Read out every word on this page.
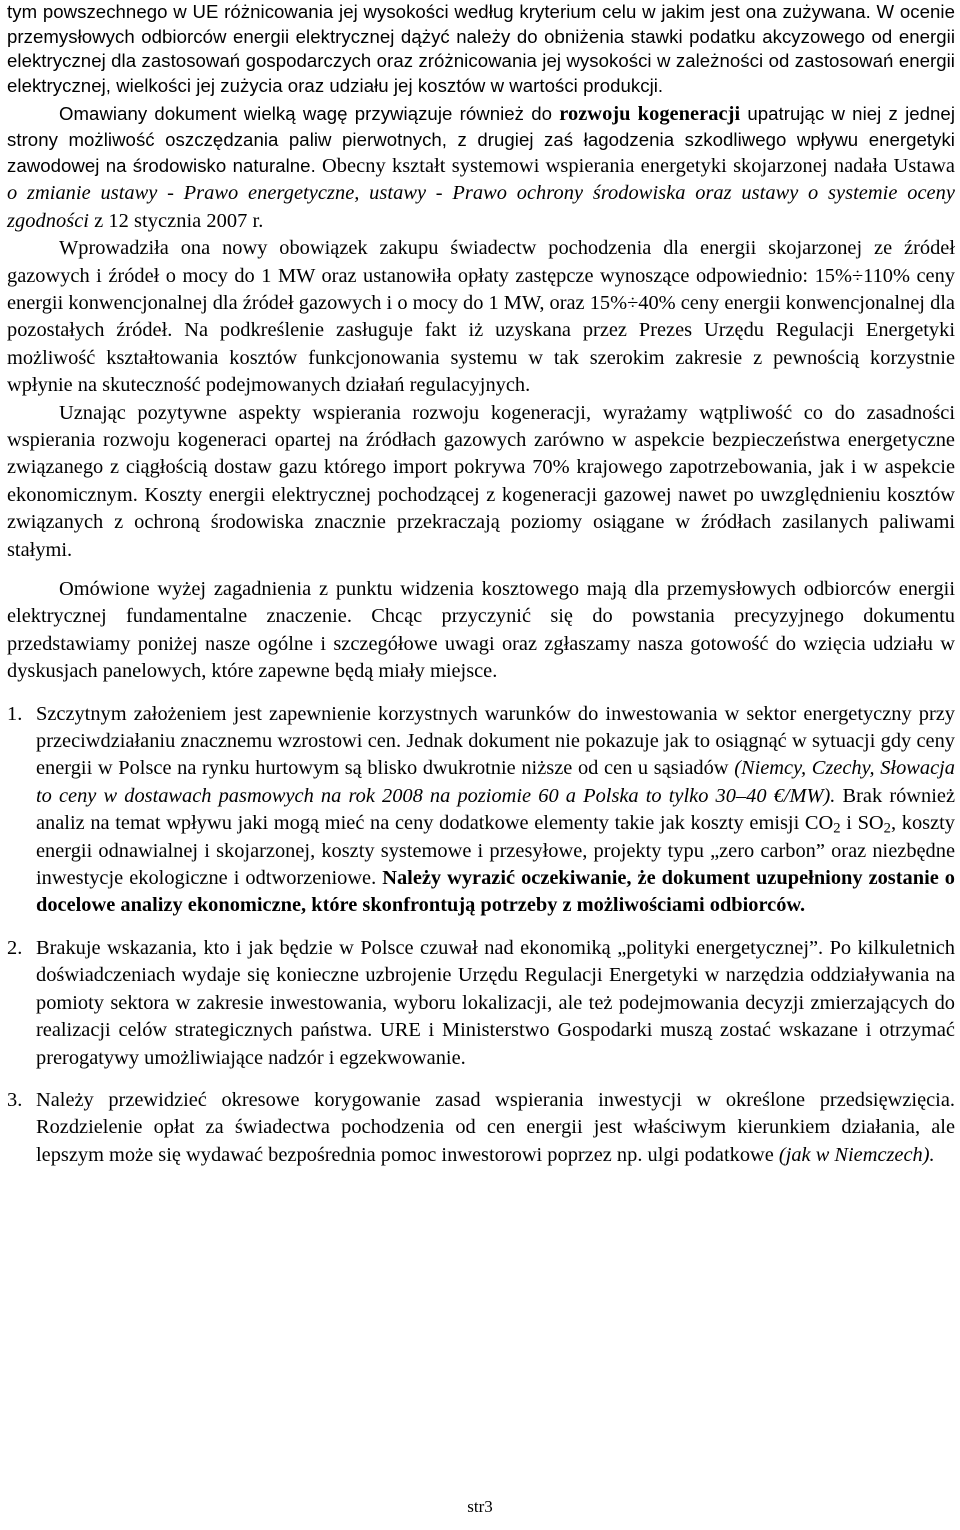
tym powszechnego w UE różnicowania jej wysokości według kryterium celu w jakim jest ona zużywana. W ocenie przemysłowych odbiorców energii elektrycznej dążyć należy do obniżenia stawki podatku akcyzowego od energii elektrycznej dla zastosowań gospodarczych oraz zróżnicowania jej wysokości w zależności od zastosowań energii elektrycznej, wielkości jej zużycia oraz udziału jej kosztów w wartości produkcji.

Omawiany dokument wielką wagę przywiązuje również do rozwoju kogeneracji upatrując w niej z jednej strony możliwość oszczędzania paliw pierwotnych, z drugiej zaś łagodzenia szkodliwego wpływu energetyki zawodowej na środowisko naturalne. Obecny kształt systemowi wspierania energetyki skojarzonej nadała Ustawa o zmianie ustawy - Prawo energetyczne, ustawy - Prawo ochrony środowiska oraz ustawy o systemie oceny zgodności z 12 stycznia 2007 r.

Wprowadziła ona nowy obowiązek zakupu świadectw pochodzenia dla energii skojarzonej ze źródeł gazowych i źródeł o mocy do 1 MW oraz ustanowiła opłaty zastępcze wynoszące odpowiednio: 15%÷110% ceny energii konwencjonalnej dla źródeł gazowych i o mocy do 1 MW, oraz 15%÷40% ceny energii konwencjonalnej dla pozostałych źródeł. Na podkreślenie zasługuje fakt iż uzyskana przez Prezes Urzędu Regulacji Energetyki możliwość kształtowania kosztów funkcjonowania systemu w tak szerokim zakresie z pewnością korzystnie wpłynie na skuteczność podejmowanych działań regulacyjnych.

Uznając pozytywne aspekty wspierania rozwoju kogeneracji, wyrażamy wątpliwość co do zasadności wspierania rozwoju kogeneraci opartej na źródłach gazowych zarówno w aspekcie bezpieczeństwa energetyczne związanego z ciągłością dostaw gazu którego import pokrywa 70% krajowego zapotrzebowania, jak i w aspekcie ekonomicznym. Koszty energii elektrycznej pochodzącej z kogeneracji gazowej nawet po uwzględnieniu kosztów związanych z ochroną środowiska znacznie przekraczają poziomy osiągane w źródłach zasilanych paliwami stałymi.

Omówione wyżej zagadnienia z punktu widzenia kosztowego mają dla przemysłowych odbiorców energii elektrycznej fundamentalne znaczenie. Chcąc przyczynić się do powstania precyzyjnego dokumentu przedstawiamy poniżej nasze ogólne i szczegółowe uwagi oraz zgłaszamy nasza gotowość do wzięcia udziału w dyskusjach panelowych, które zapewne będą miały miejsce.

1. Szczytnym założeniem jest zapewnienie korzystnych warunków do inwestowania w sektor energetyczny przy przeciwdziałaniu znacznemu wzrostowi cen. Jednak dokument nie pokazuje jak to osiągnąć w sytuacji gdy ceny energii w Polsce na rynku hurtowym są blisko dwukrotnie niższe od cen u sąsiadów (Niemcy, Czechy, Słowacja to ceny w dostawach pasmowych na rok 2008 na poziomie 60 a Polska to tylko 30–40 €/MW). Brak również analiz na temat wpływu jaki mogą mieć na ceny dodatkowe elementy takie jak koszty emisji $CO_2$ i $SO_2$, koszty energii odnawialnej i skojarzonej, koszty systemowe i przesyłowe, projekty typu „zero carbon” oraz niezbędne inwestycje ekologiczne i odtworzeniowe. Należy wyrazić oczekiwanie, że dokument uzupełniony zostanie o docelowe analizy ekonomiczne, które skonfrontują potrzeby z możliwościami odbiorców.
2. Brakuje wskazania, kto i jak będzie w Polsce czuwał nad ekonomiką „polityki energetycznej”. Po kilkuletnich doświadczeniach wydaje się konieczne uzbrojenie Urzędu Regulacji Energetyki w narzędzia oddziaływania na pomioty sektora w zakresie inwestowania, wyboru lokalizacji, ale też podejmowania decyzji zmierzających do realizacji celów strategicznych państwa. URE i Ministerstwo Gospodarki muszą zostać wskazane i otrzymać prerogatywy umożliwiające nadzór i egzekwowanie.
3. Należy przewidzieć okresowe korygowanie zasad wspierania inwestycji w określone przedsięwzięcia. Rozdzielenie opłat za świadectwa pochodzenia od cen energii jest właściwym kierunkiem działania, ale lepszym może się wydawać bezpośrednia pomoc inwestorowi poprzez np. ulgi podatkowe (jak w Niemczech).
str3
